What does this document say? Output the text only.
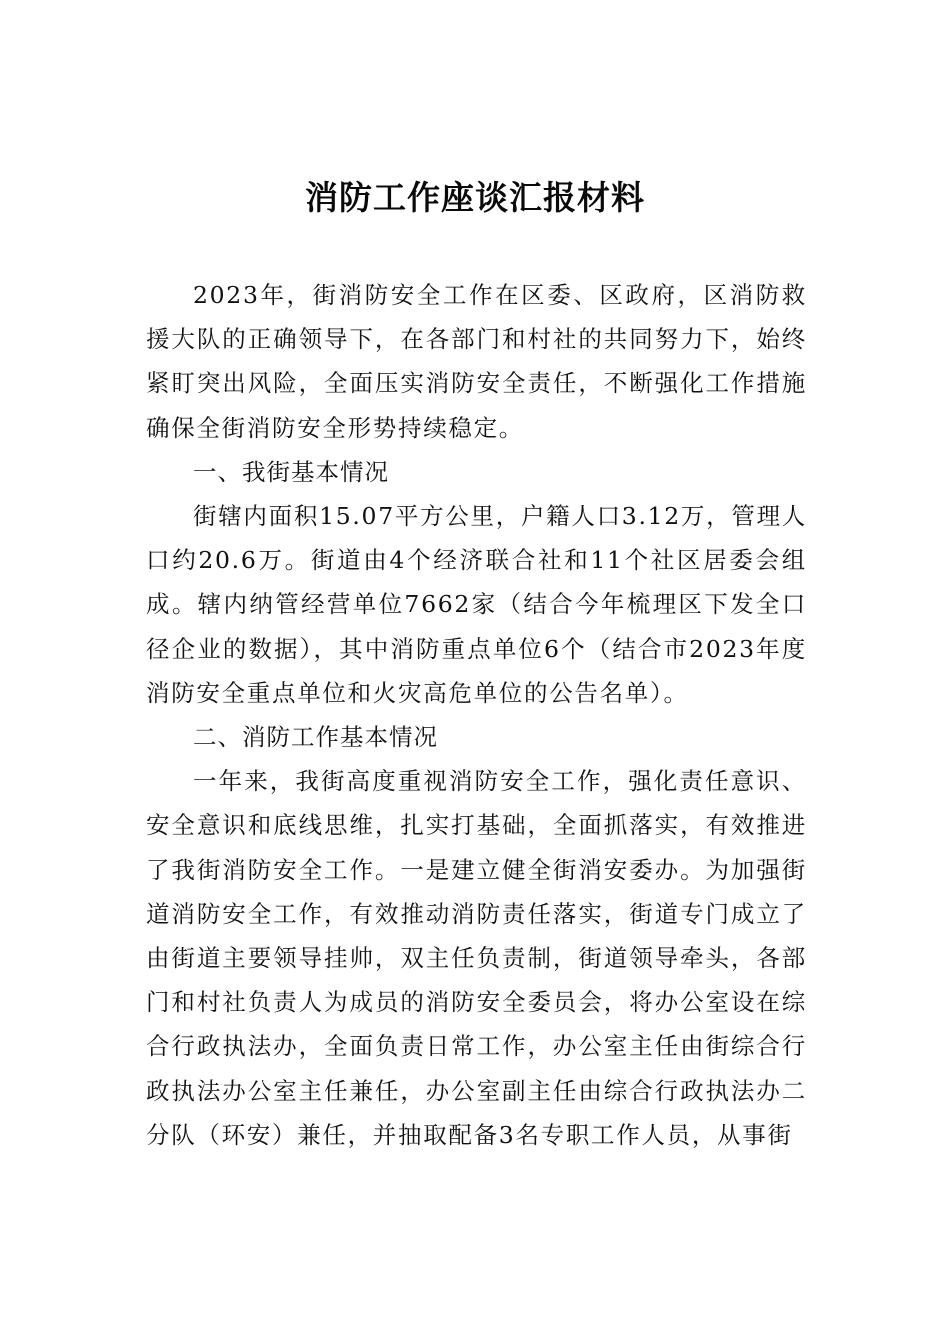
消防工作座谈汇报材料

2023年，街消防安全工作在区委、区政府，区消防救援大队的正确领导下，在各部门和村社的共同努力下，始终紧盯突出风险，全面压实消防安全责任，不断强化工作措施确保全街消防安全形势持续稳定。

一、我街基本情况

街辖内面积15.07平方公里，户籍人口3.12万，管理人口约20.6万。街道由4个经济联合社和11个社区居委会组成。辖内纳管经营单位7662家（结合今年梳理区下发全口径企业的数据），其中消防重点单位6个（结合市2023年度消防安全重点单位和火灾高危单位的公告名单）。

二、消防工作基本情况

一年来，我街高度重视消防安全工作，强化责任意识、安全意识和底线思维，扎实打基础，全面抓落实，有效推进了我街消防安全工作。一是建立健全街消安委办。为加强街道消防安全工作，有效推动消防责任落实，街道专门成立了由街道主要领导挂帅，双主任负责制，街道领导牵头，各部门和村社负责人为成员的消防安全委员会，将办公室设在综合行政执法办，全面负责日常工作，办公室主任由街综合行政执法办公室主任兼任，办公室副主任由综合行政执法办二分队（环安）兼任，并抽取配备3名专职工作人员，从事街
